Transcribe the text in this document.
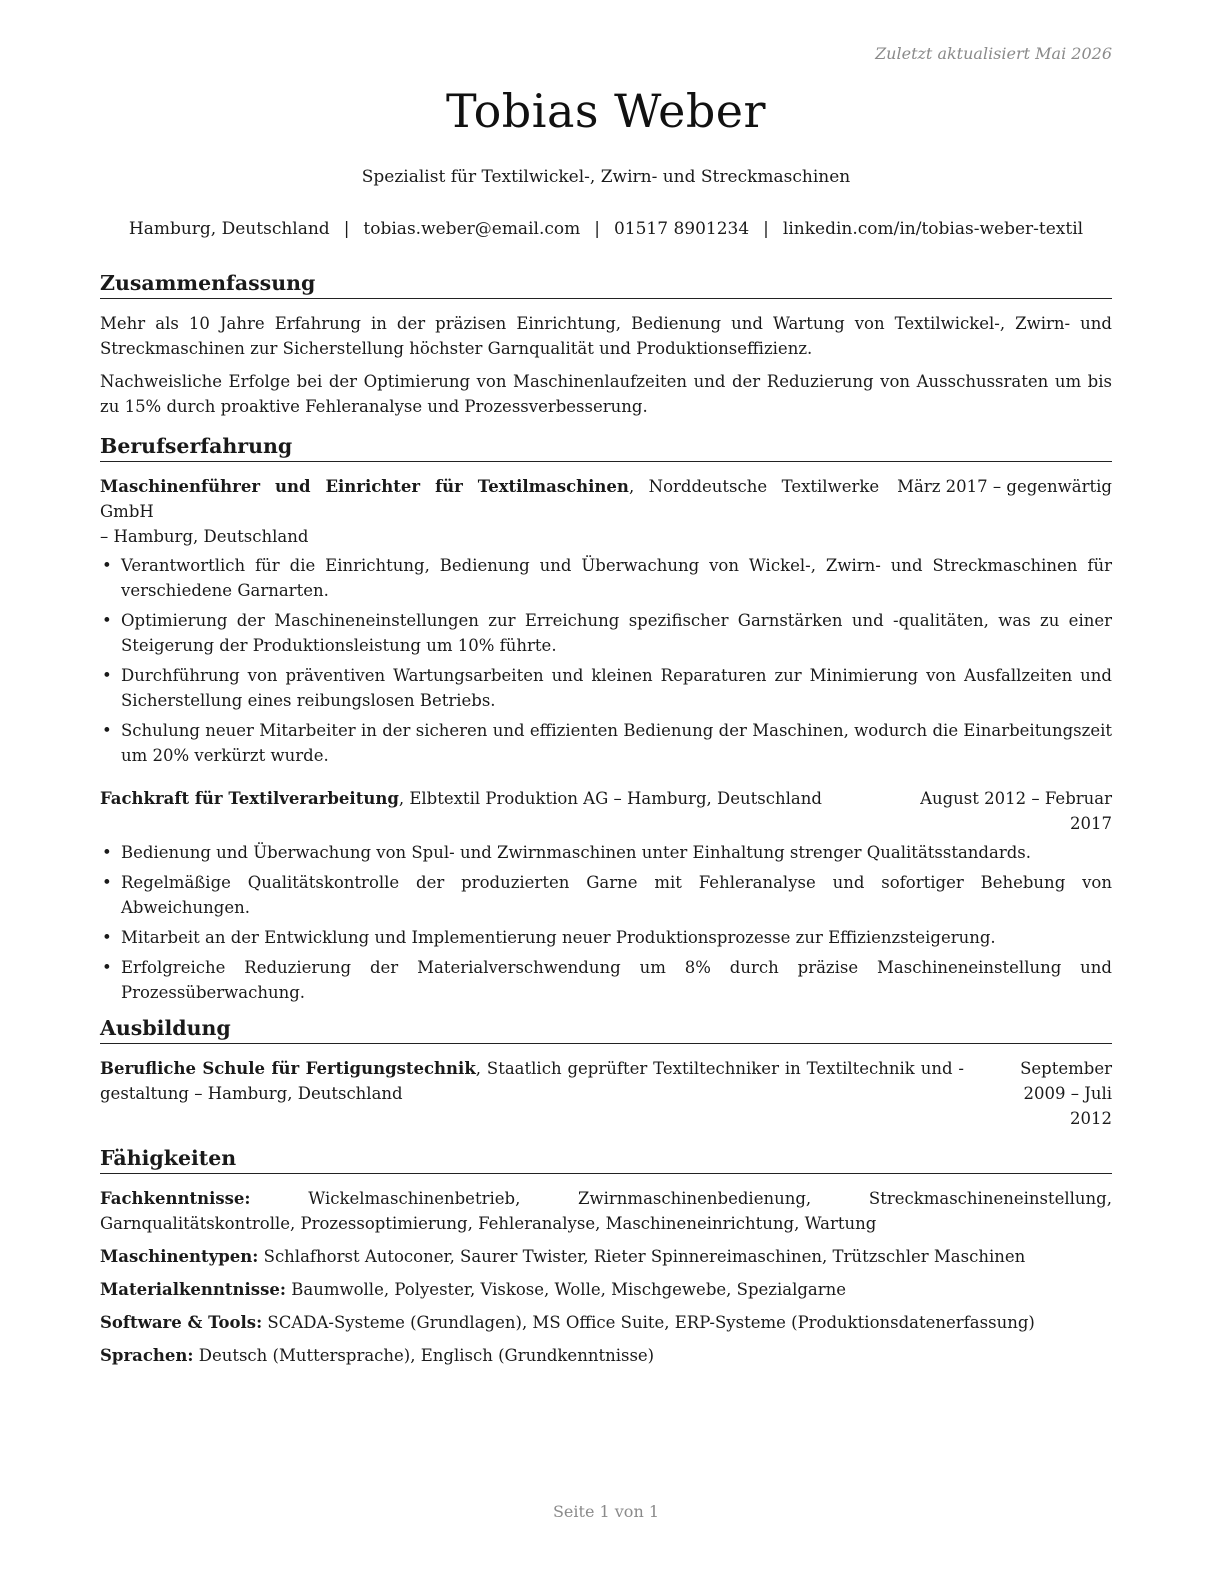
Zuletzt aktualisiert Mai 2026
Tobias Weber
Spezialist für Textilwickel-, Zwirn- und Streckmaschinen
Hamburg, Deutschland | tobias.weber@email.com | 01517 8901234 | linkedin.com/in/tobias-weber-textil
Zusammenfassung

Mehr als 10 Jahre Erfahrung in der präzisen Einrichtung, Bedienung und Wartung von Textilwickel-, Zwirn- und Streckmaschinen zur Sicherstellung höchster Garnqualität und Produktionseffizienz.

Nachweisliche Erfolge bei der Optimierung von Maschinenlaufzeiten und der Reduzierung von Ausschussraten um bis zu 15% durch proaktive Fehleranalyse und Prozessverbesserung.

Berufserfahrung
Maschinenführer und Einrichter für Textilmaschinen, Norddeutsche Textilwerke GmbH
März 2017 – gegenwärtig
– Hamburg, Deutschland
• Verantwortlich für die Einrichtung, Bedienung und Überwachung von Wickel-, Zwirn- und Streckmaschinen für verschiedene Garnarten.
• Optimierung der Maschineneinstellungen zur Erreichung spezifischer Garnstärken und -qualitäten, was zu einer Steigerung der Produktionsleistung um 10% führte.
• Durchführung von präventiven Wartungsarbeiten und kleinen Reparaturen zur Minimierung von Ausfallzeiten und Sicherstellung eines reibungslosen Betriebs.
• Schulung neuer Mitarbeiter in der sicheren und effizienten Bedienung der Maschinen, wodurch die Einarbeitungszeit um 20% verkürzt wurde.
Fachkraft für Textilverarbeitung, Elbtextil Produktion AG – Hamburg, Deutschland	August 2012 – Februar 2017
• Bedienung und Überwachung von Spul- und Zwirnmaschinen unter Einhaltung strenger Qualitätsstandards.
• Regelmäßige Qualitätskontrolle der produzierten Garne mit Fehleranalyse und sofortiger Behebung von Abweichungen.
• Mitarbeit an der Entwicklung und Implementierung neuer Produktionsprozesse zur Effizienzsteigerung.
• Erfolgreiche Reduzierung der Materialverschwendung um 8% durch präzise Maschineneinstellung und Prozessüberwachung.
Ausbildung
Berufliche Schule für Fertigungstechnik, Staatlich geprüfter Textiltechniker in Textiltechnik und -gestaltung – Hamburg, Deutschland
September 2009 – Juli 2012
Fähigkeiten

Fachkenntnisse:	Wickelmaschinenbetrieb, Zwirnmaschinenbedienung, Streckmaschineneinstellung, Garnqualitätskontrolle, Prozessoptimierung, Fehleranalyse, Maschineneinrichtung, Wartung

Maschinentypen: Schlafhorst Autoconer, Saurer Twister, Rieter Spinnereimaschinen, Trützschler Maschinen

Materialkenntnisse: Baumwolle, Polyester, Viskose, Wolle, Mischgewebe, Spezialgarne

Software & Tools: SCADA-Systeme (Grundlagen), MS Office Suite, ERP-Systeme (Produktionsdatenerfassung)

Sprachen: Deutsch (Muttersprache), Englisch (Grundkenntnisse)

Seite 1 von 1
